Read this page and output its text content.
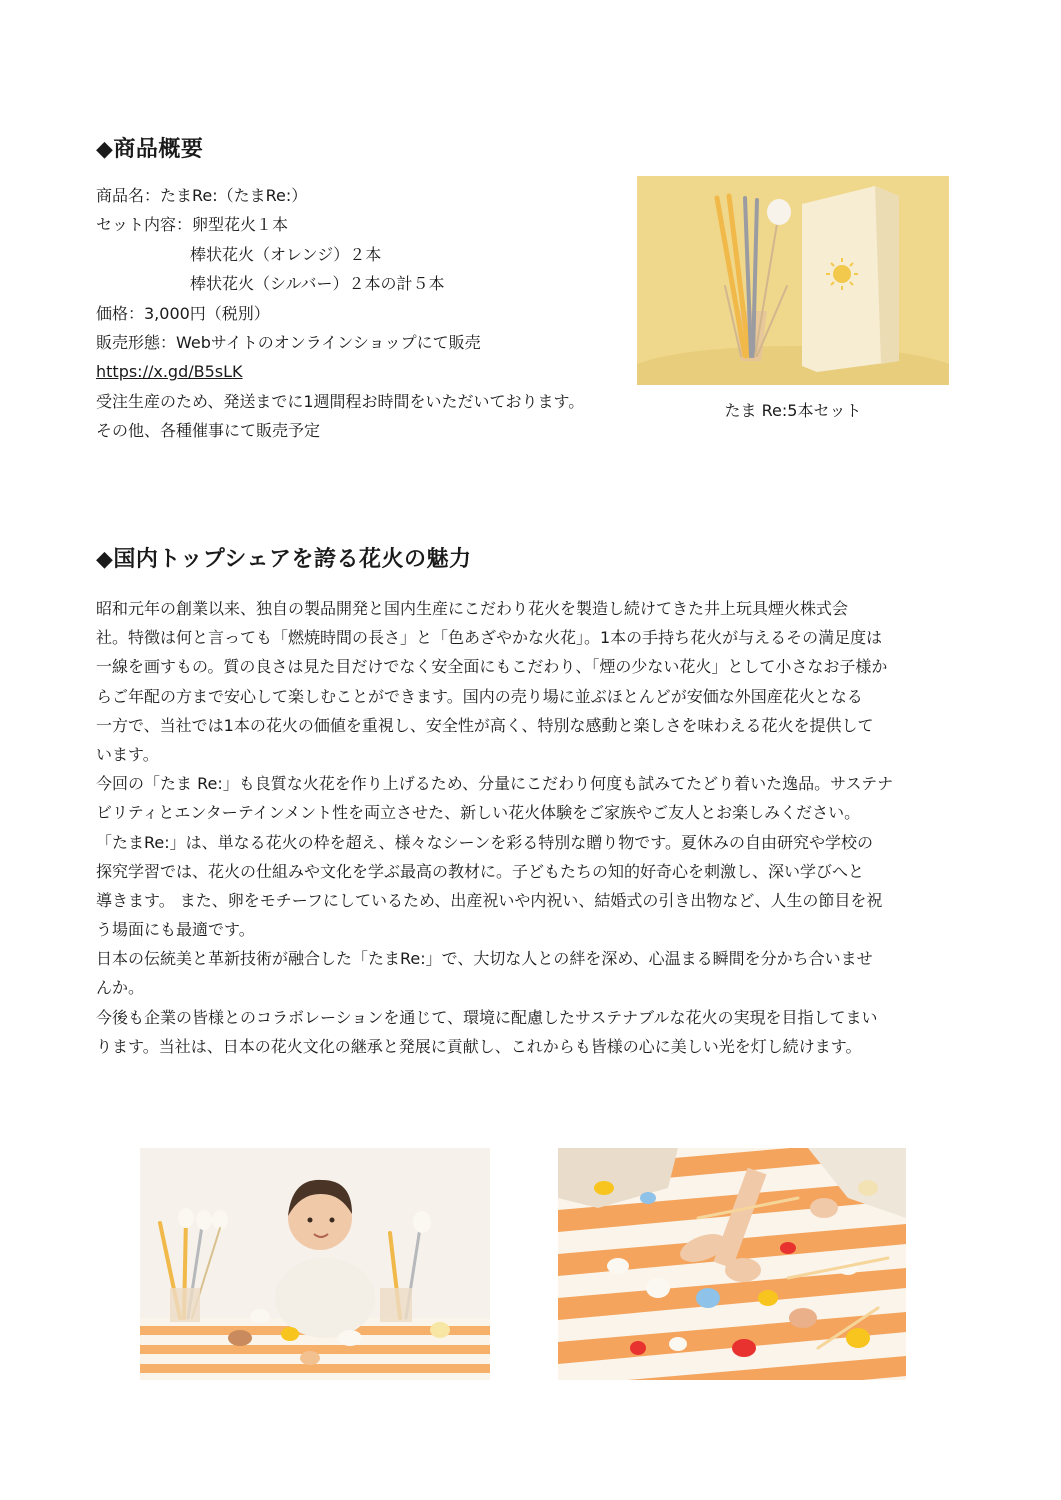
◆商品概要
商品名：たまRe:（たまRe:）
セット内容：卵型花火１本
棒状花火（オレンジ）２本
棒状花火（シルバー）２本の計５本
価格：3,000円（税別）
販売形態：Webサイトのオンラインショップにて販売
https://x.gd/B5sLK
受注生産のため、発送までに1週間程お時間をいただいております。
その他、各種催事にて販売予定
たま Re:5本セット
◆国内トップシェアを誇る花火の魅力
昭和元年の創業以来、独自の製品開発と国内生産にこだわり花火を製造し続けてきた井上玩具煙火株式会
社。特徴は何と言っても「燃焼時間の長さ」と「色あざやかな火花」。1本の手持ち花火が与えるその満足度は
一線を画すもの。質の良さは見た目だけでなく安全面にもこだわり、「煙の少ない花火」として小さなお子様か
らご年配の方まで安心して楽しむことができます。国内の売り場に並ぶほとんどが安価な外国産花火となる
一方で、当社では1本の花火の価値を重視し、安全性が高く、特別な感動と楽しさを味わえる花火を提供して
います。
今回の「たま Re:」も良質な火花を作り上げるため、分量にこだわり何度も試みてたどり着いた逸品。サステナ
ビリティとエンターテインメント性を両立させた、新しい花火体験をご家族やご友人とお楽しみください。
「たまRe:」は、単なる花火の枠を超え、様々なシーンを彩る特別な贈り物です。夏休みの自由研究や学校の
探究学習では、花火の仕組みや文化を学ぶ最高の教材に。子どもたちの知的好奇心を刺激し、深い学びへと
導きます。 また、卵をモチーフにしているため、出産祝いや内祝い、結婚式の引き出物など、人生の節目を祝
う場面にも最適です。
日本の伝統美と革新技術が融合した「たまRe:」で、大切な人との絆を深め、心温まる瞬間を分かち合いませ
んか。
今後も企業の皆様とのコラボレーションを通じて、環境に配慮したサステナブルな花火の実現を目指してまい
ります。当社は、日本の花火文化の継承と発展に貢献し、これからも皆様の心に美しい光を灯し続けます。
